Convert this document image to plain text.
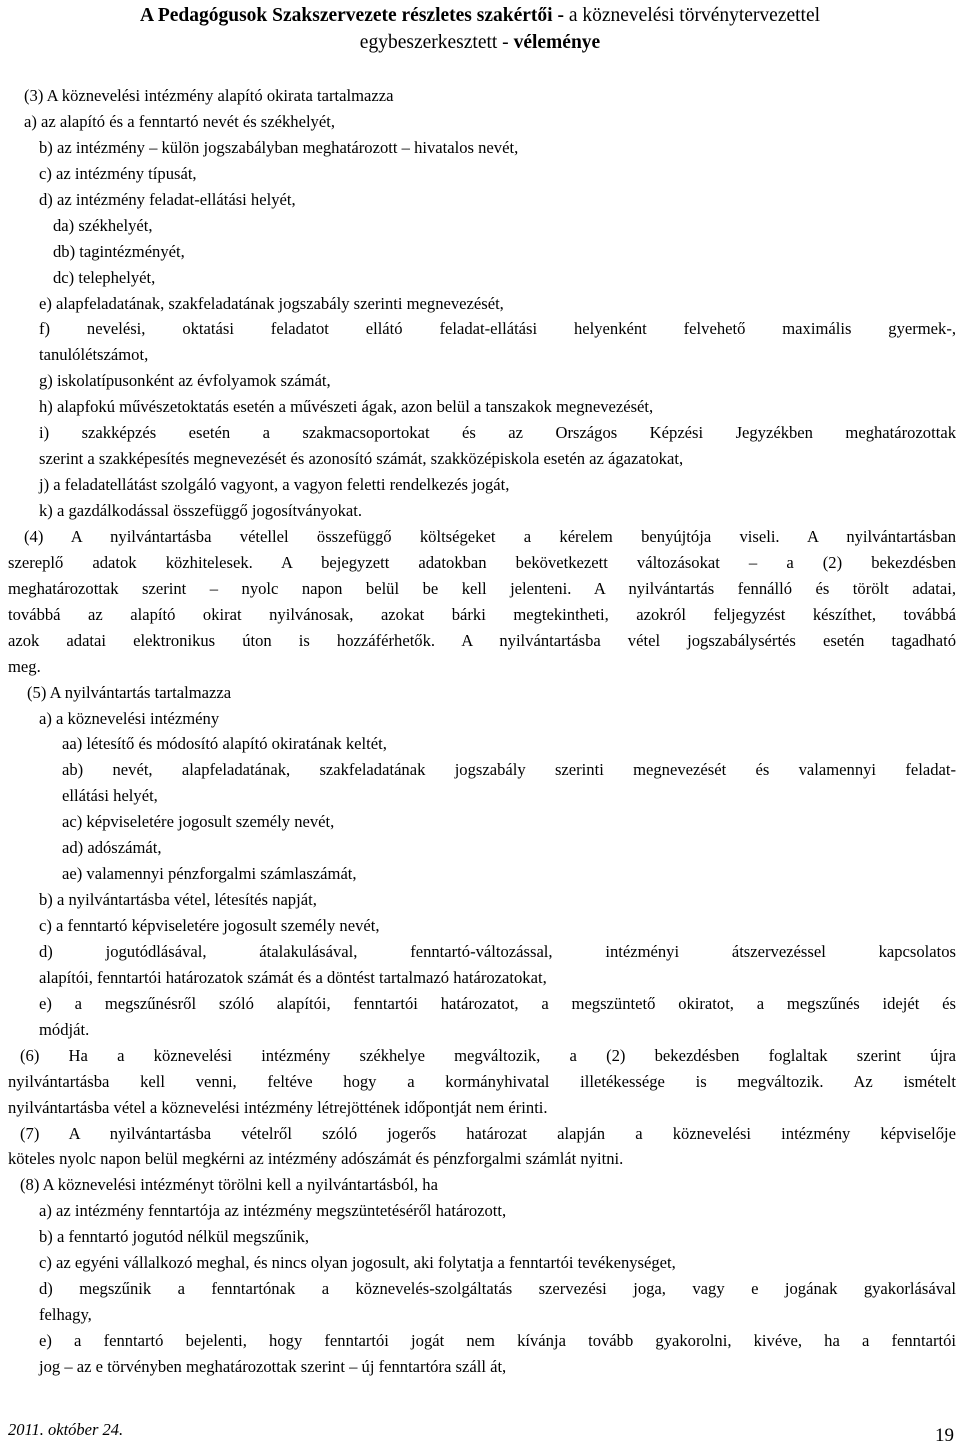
A Pedagógusok Szakszervezete részletes szakértői - a köznevelési törvénytervezettel
egybeszerkesztett - véleménye
(3) A köznevelési intézmény alapító okirata tartalmazza
a) az alapító és a fenntartó nevét és székhelyét,
b) az intézmény – külön jogszabályban meghatározott – hivatalos nevét,
c) az intézmény típusát,
d) az intézmény feladat-ellátási helyét,
da) székhelyét,
db) tagintézményét,
dc) telephelyét,
e) alapfeladatának, szakfeladatának jogszabály szerinti megnevezését,
f) nevelési, oktatási feladatot ellátó feladat-ellátási helyenként felvehető maximális gyermek-,
tanulólétszámot,
g) iskolatípusonként az évfolyamok számát,
h) alapfokú művészetoktatás esetén a művészeti ágak, azon belül a tanszakok megnevezését,
i) szakképzés esetén a szakmacsoportokat és az Országos Képzési Jegyzékben meghatározottak
szerint a szakképesítés megnevezését és azonosító számát, szakközépiskola esetén az ágazatokat,
j) a feladatellátást szolgáló vagyont, a vagyon feletti rendelkezés jogát,
k) a gazdálkodással összefüggő jogosítványokat.
(4) A nyilvántartásba vétellel összefüggő költségeket a kérelem benyújtója viseli. A nyilvántartásban
szereplő adatok közhitelesek. A bejegyzett adatokban bekövetkezett változásokat – a (2) bekezdésben
meghatározottak szerint – nyolc napon belül be kell jelenteni. A nyilvántartás fennálló és törölt adatai,
továbbá az alapító okirat nyilvánosak, azokat bárki megtekintheti, azokról feljegyzést készíthet, továbbá
azok adatai elektronikus úton is hozzáférhetők. A nyilvántartásba vétel jogszabálysértés esetén tagadható
meg.
(5) A nyilvántartás tartalmazza
a) a köznevelési intézmény
aa) létesítő és módosító alapító okiratának keltét,
ab) nevét, alapfeladatának, szakfeladatának jogszabály szerinti megnevezését és valamennyi feladat-
ellátási helyét,
ac) képviseletére jogosult személy nevét,
ad) adószámát,
ae) valamennyi pénzforgalmi számlaszámát,
b) a nyilvántartásba vétel, létesítés napját,
c) a fenntartó képviseletére jogosult személy nevét,
d) jogutódlásával, átalakulásával, fenntartó-változással, intézményi átszervezéssel kapcsolatos
alapítói, fenntartói határozatok számát és a döntést tartalmazó határozatokat,
e) a megszűnésről szóló alapítói, fenntartói határozatot, a megszüntető okiratot, a megszűnés idejét és
módját.
(6) Ha a köznevelési intézmény székhelye megváltozik, a (2) bekezdésben foglaltak szerint újra
nyilvántartásba kell venni, feltéve hogy a kormányhivatal illetékessége is megváltozik. Az ismételt
nyilvántartásba vétel a köznevelési intézmény létrejöttének időpontját nem érinti.
(7) A nyilvántartásba vételről szóló jogerős határozat alapján a köznevelési intézmény képviselője
köteles nyolc napon belül megkérni az intézmény adószámát és pénzforgalmi számlát nyitni.
(8) A köznevelési intézményt törölni kell a nyilvántartásból, ha
a) az intézmény fenntartója az intézmény megszüntetéséről határozott,
b) a fenntartó jogutód nélkül megszűnik,
c) az egyéni vállalkozó meghal, és nincs olyan jogosult, aki folytatja a fenntartói tevékenységet,
d) megszűnik a fenntartónak a köznevelés-szolgáltatás szervezési joga, vagy e jogának gyakorlásával
felhagy,
e) a fenntartó bejelenti, hogy fenntartói jogát nem kívánja tovább gyakorolni, kivéve, ha a fenntartói
jog – az e törvényben meghatározottak szerint – új fenntartóra száll át,
2011. október 24.	19
